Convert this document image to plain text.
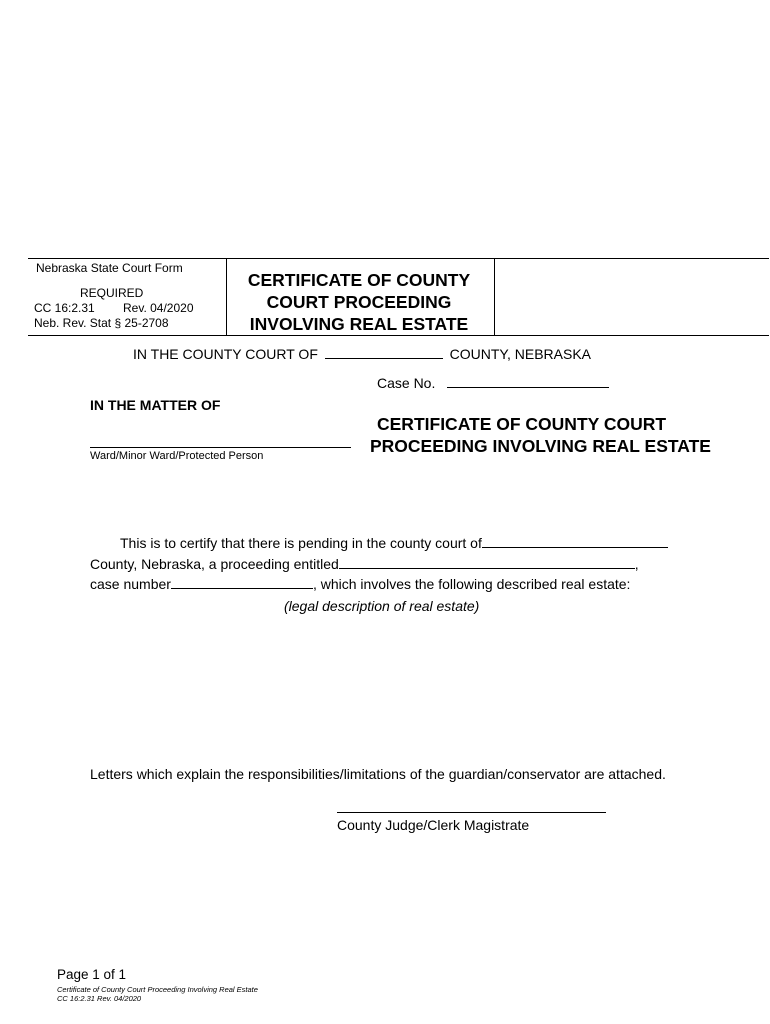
Nebraska State Court Form
REQUIRED
CC 16:2.31 Rev. 04/2020
Neb. Rev. Stat § 25-2708
CERTIFICATE OF COUNTY
COURT PROCEEDING
INVOLVING REAL ESTATE
IN THE COUNTY COURT OF	COUNTY, NEBRASKA
Case No.
IN THE MATTER OF
Ward/Minor Ward/Protected Person
CERTIFICATE OF COUNTY COURT
PROCEEDING INVOLVING REAL ESTATE
This is to certify that there is pending in the county court of
County, Nebraska, a proceeding entitled	,
case number	, which involves the following described real estate:
(legal description of real estate)
Letters which explain the responsibilities/limitations of the guardian/conservator are attached.
County Judge/Clerk Magistrate
Page 1 of 1
Certificate of County Court Proceeding Involving Real Estate
CC 16:2.31 Rev. 04/2020
